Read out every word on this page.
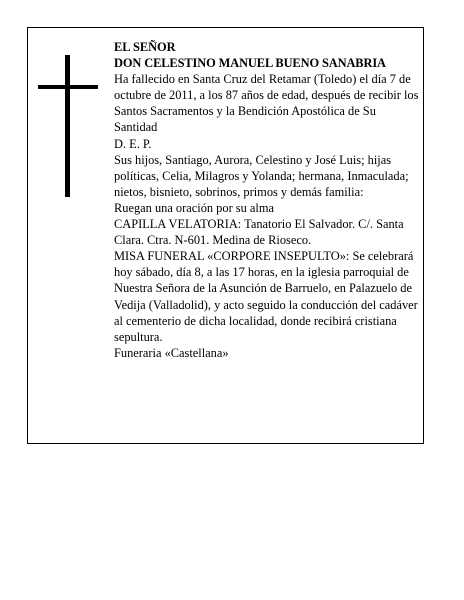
EL SEÑOR

DON CELESTINO MANUEL BUENO SANABRIA

Ha fallecido en Santa Cruz del Retamar (Toledo) el día 7 de octubre de 2011, a los 87 años de edad, después de recibir los Santos Sacramentos y la Bendición Apostólica de Su Santidad

D. E. P.

Sus hijos, Santiago, Aurora, Celestino y José Luis; hijas políticas, Celia, Milagros y Yolanda; hermana, Inmaculada; nietos, bisnieto, sobrinos, primos y demás familia:

Ruegan una oración por su alma

CAPILLA VELATORIA: Tanatorio El Salvador. C/. Santa Clara. Ctra. N-601. Medina de Rioseco.

MISA FUNERAL «CORPORE INSEPULTO»: Se celebrará hoy sábado, día 8, a las 17 horas, en la iglesia parroquial de Nuestra Señora de la Asunción de Barruelo, en Palazuelo de Vedija (Valladolid), y acto seguido la conducción del cadáver al cementerio de dicha localidad, donde recibirá cristiana sepultura.

Funeraria «Castellana»
